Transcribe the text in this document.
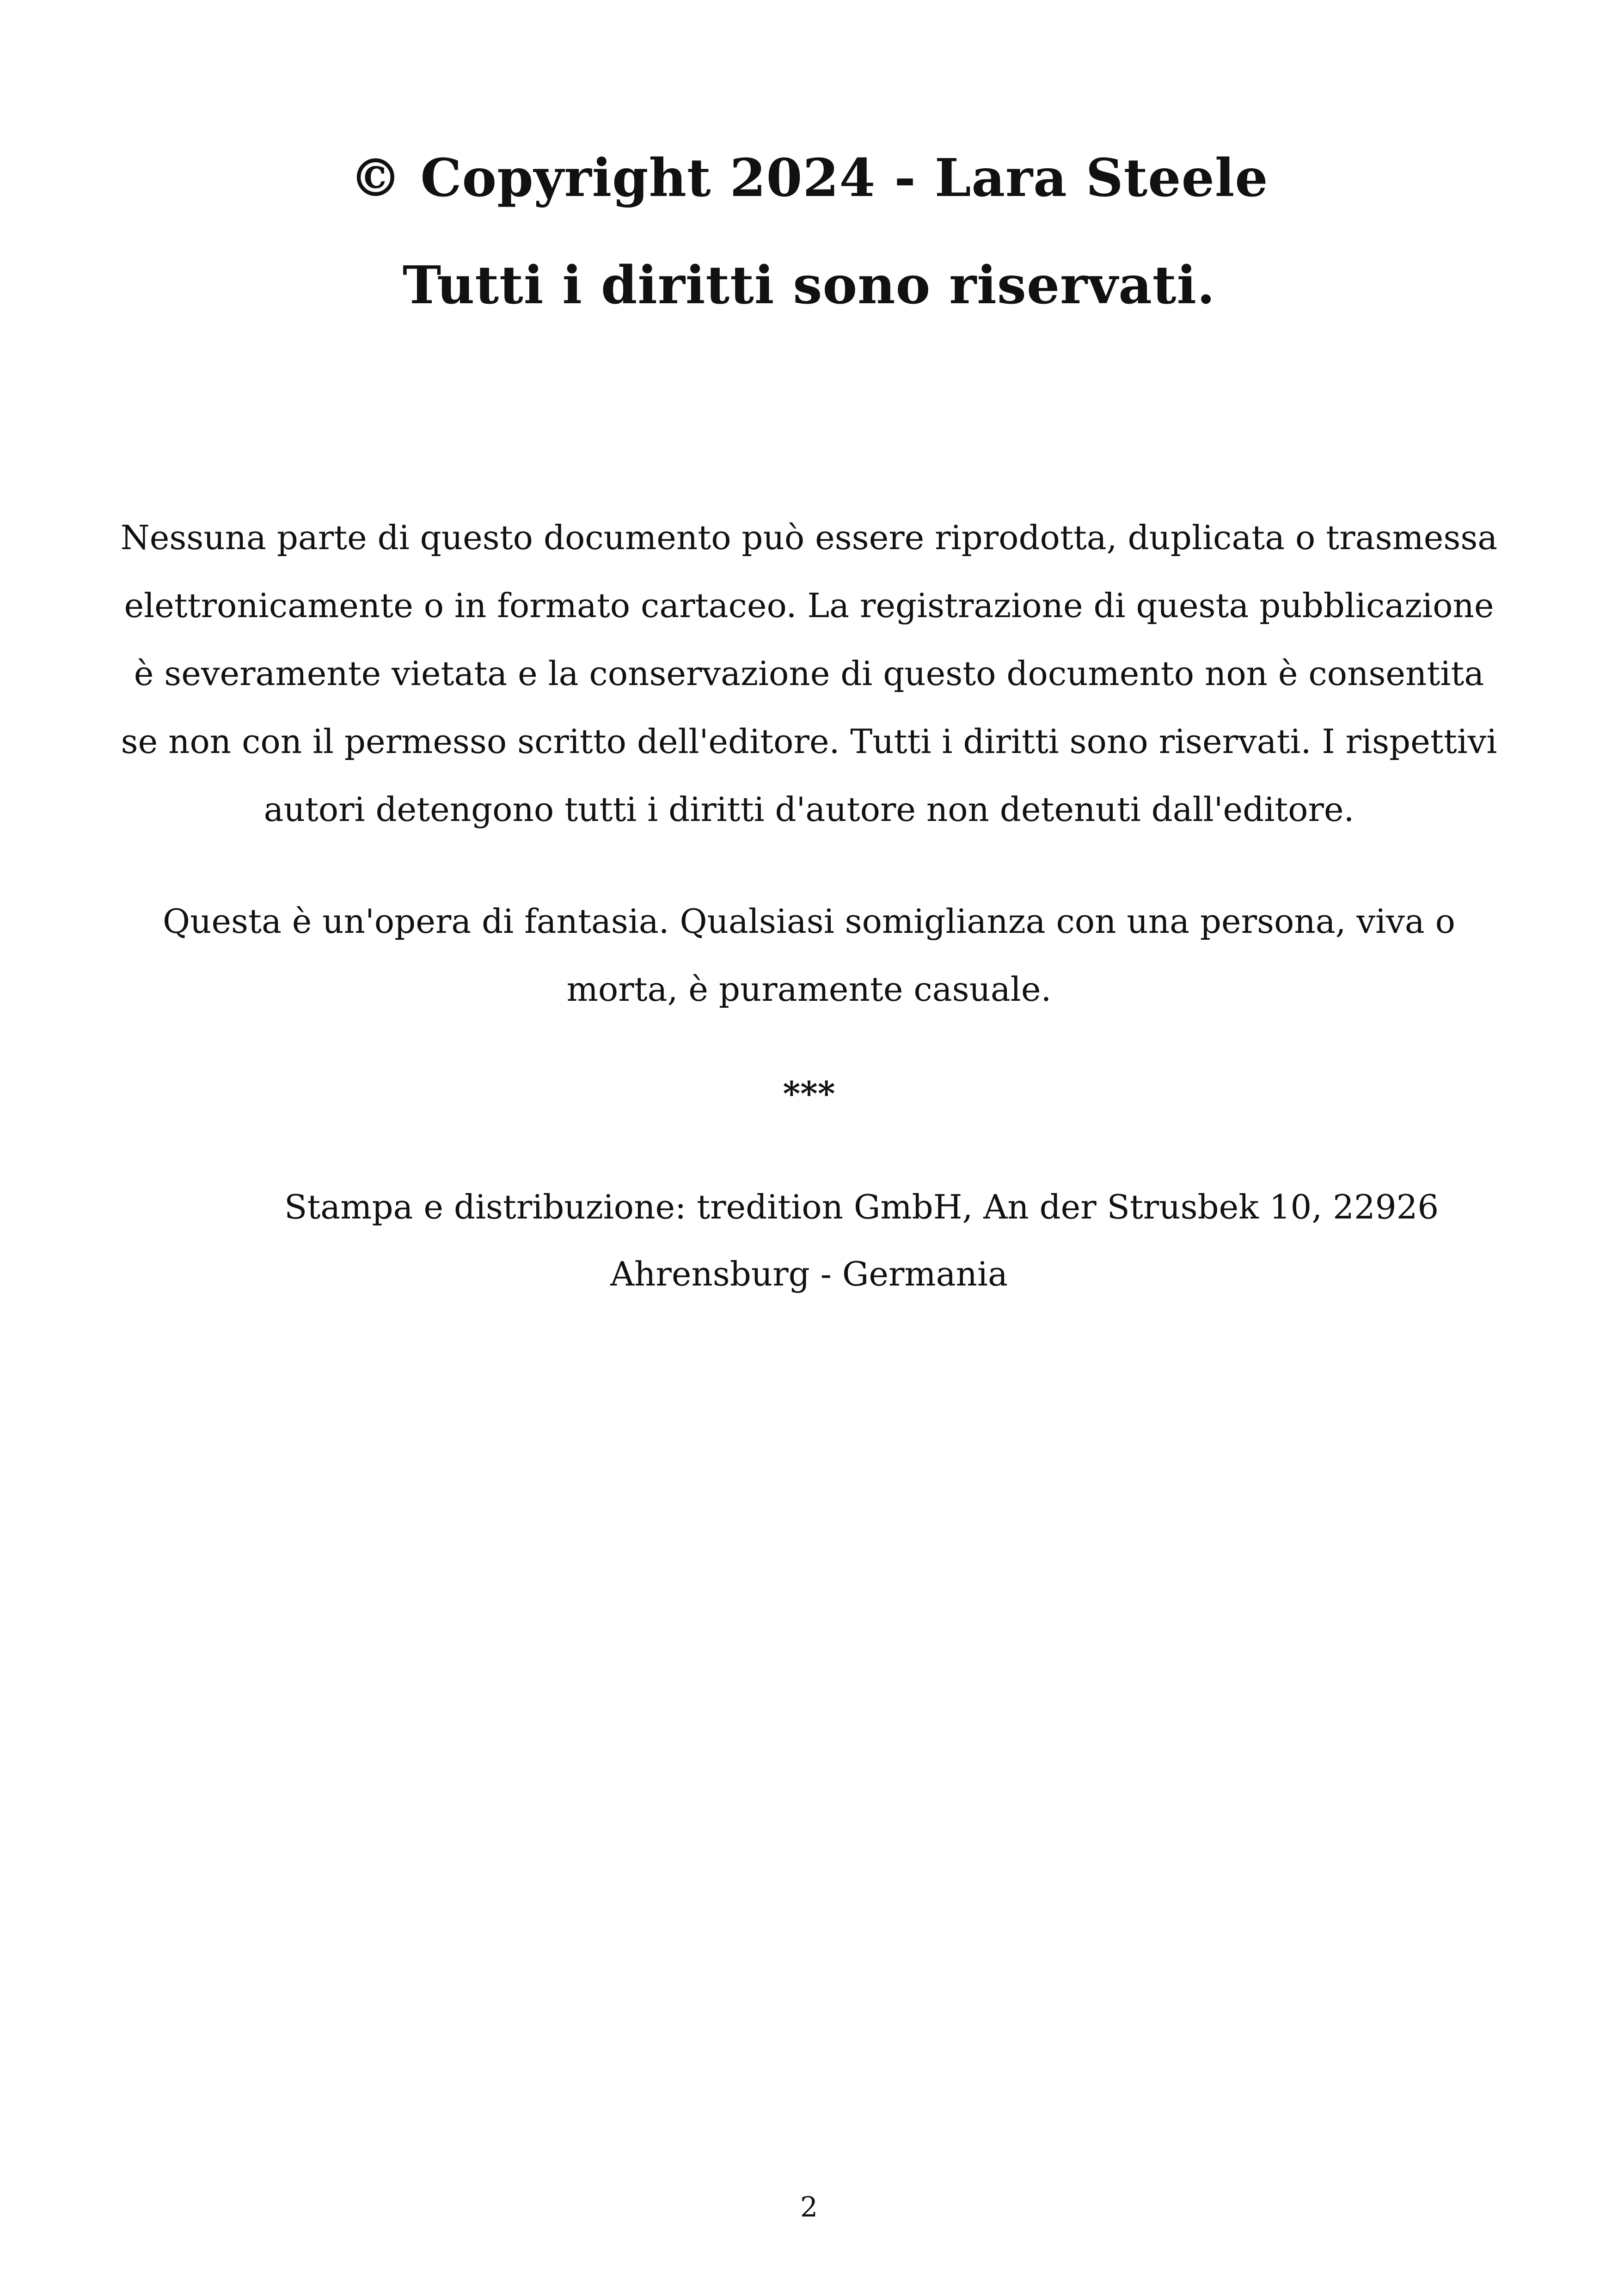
© Copyright 2024 - Lara Steele
Tutti i diritti sono riservati.

Nessuna parte di questo documento può essere riprodotta, duplicata o trasmessa
elettronicamente o in formato cartaceo. La registrazione di questa pubblicazione
è severamente vietata e la conservazione di questo documento non è consentita
se non con il permesso scritto dell'editore. Tutti i diritti sono riservati. I rispettivi
autori detengono tutti i diritti d'autore non detenuti dall'editore.

Questa è un'opera di fantasia. Qualsiasi somiglianza con una persona, viva o
morta, è puramente casuale.

***
Stampa e distribuzione: tredition GmbH, An der Strusbek 10, 22926
Ahrensburg - Germania
2
